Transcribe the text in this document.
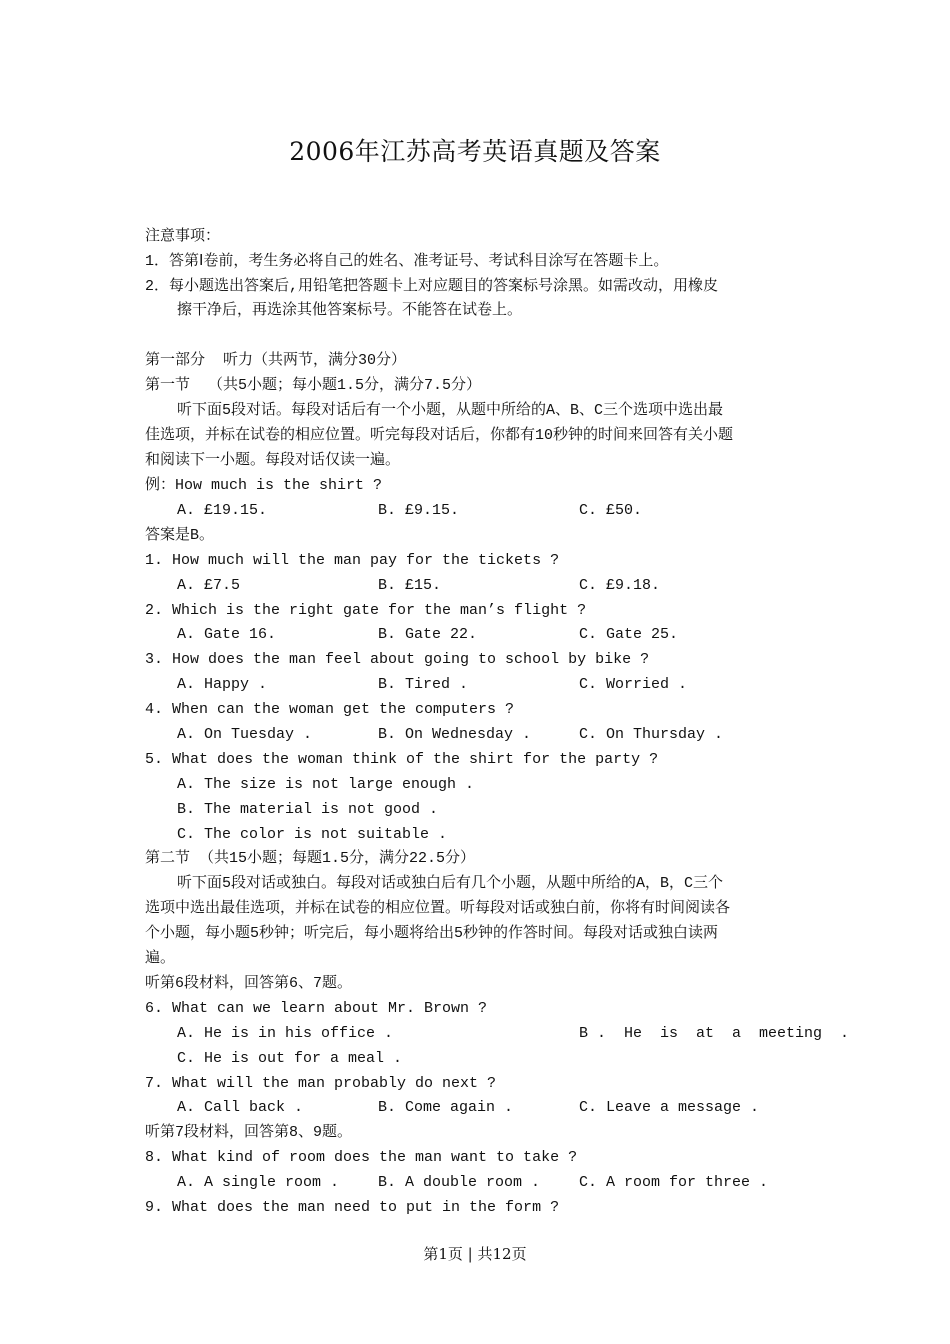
2006年江苏高考英语真题及答案
注意事项：
1．答第Ⅰ卷前，考生务必将自己的姓名、准考证号、考试科目涂写在答题卡上。
2．每小题选出答案后,用铅笔把答题卡上对应题目的答案标号涂黑。如需改动，用橡皮
擦干净后，再选涂其他答案标号。不能答在试卷上。
第一部分  听力（共两节，满分30分）
第一节  （共5小题；每小题1.5分，满分7.5分）
听下面5段对话。每段对话后有一个小题，从题中所给的A、B、C三个选项中选出最
佳选项，并标在试卷的相应位置。听完每段对话后，你都有10秒钟的时间来回答有关小题
和阅读下一小题。每段对话仅读一遍。
例：How much is the shirt ?
A. £19.15.	B. £9.15.	C. £50.
答案是B。
1. How much will the man pay for the tickets ?
A. £7.5	B. £15.	C. £9.18.
2. Which is the right gate for the man’s flight ?
A. Gate 16.	B. Gate 22.	C. Gate 25.
3. How does the man feel about going to school by bike ?
A. Happy .	B. Tired .	C. Worried .
4. When can the woman get the computers ?
A. On Tuesday .	B. On Wednesday .	C. On Thursday .
5. What does the woman think of the shirt for the party ?
A. The size is not large enough .
B. The material is not good .
C. The color is not suitable .
第二节 （共15小题；每题1.5分，满分22.5分）
听下面5段对话或独白。每段对话或独白后有几个小题，从题中所给的A，B，C三个
选项中选出最佳选项，并标在试卷的相应位置。听每段对话或独白前，你将有时间阅读各
个小题，每小题5秒钟；听完后，每小题将给出5秒钟的作答时间。每段对话或独白读两
遍。
听第6段材料，回答第6、7题。
6. What can we learn about Mr. Brown ?
A. He is in his office .	B .  He  is  at  a  meeting  .
C. He is out for a meal .
7. What will the man probably do next ?
A. Call back .	B. Come again .	C. Leave a message .
听第7段材料，回答第8、9题。
8. What kind of room does the man want to take ?
A. A single room .	B. A double room .	C. A room for three .
9. What does the man need to put in the form ?
第1页 | 共12页
